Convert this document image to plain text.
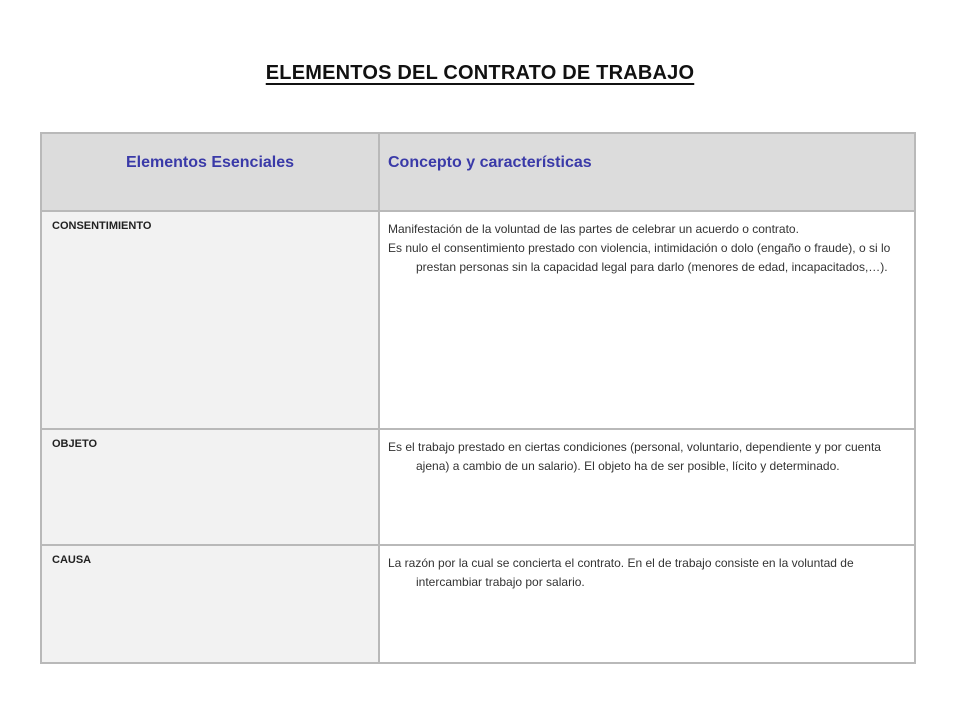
ELEMENTOS DEL CONTRATO DE TRABAJO
Elementos Esenciales	Concepto y características
CONSENTIMIENTO	Manifestación de la voluntad de las partes de celebrar un acuerdo o contrato.

Es nulo el consentimiento prestado con violencia, intimidación o dolo (engaño o fraude), o si lo prestan personas sin la capacidad legal para darlo (menores de edad, incapacitados,…).

OBJETO	Es el trabajo prestado en ciertas condiciones (personal, voluntario, dependiente y por cuenta ajena) a cambio de un salario). El objeto ha de ser posible, lícito y determinado.

CAUSA	La razón por la cual se concierta el contrato. En el de trabajo consiste en la voluntad de intercambiar trabajo por salario.
